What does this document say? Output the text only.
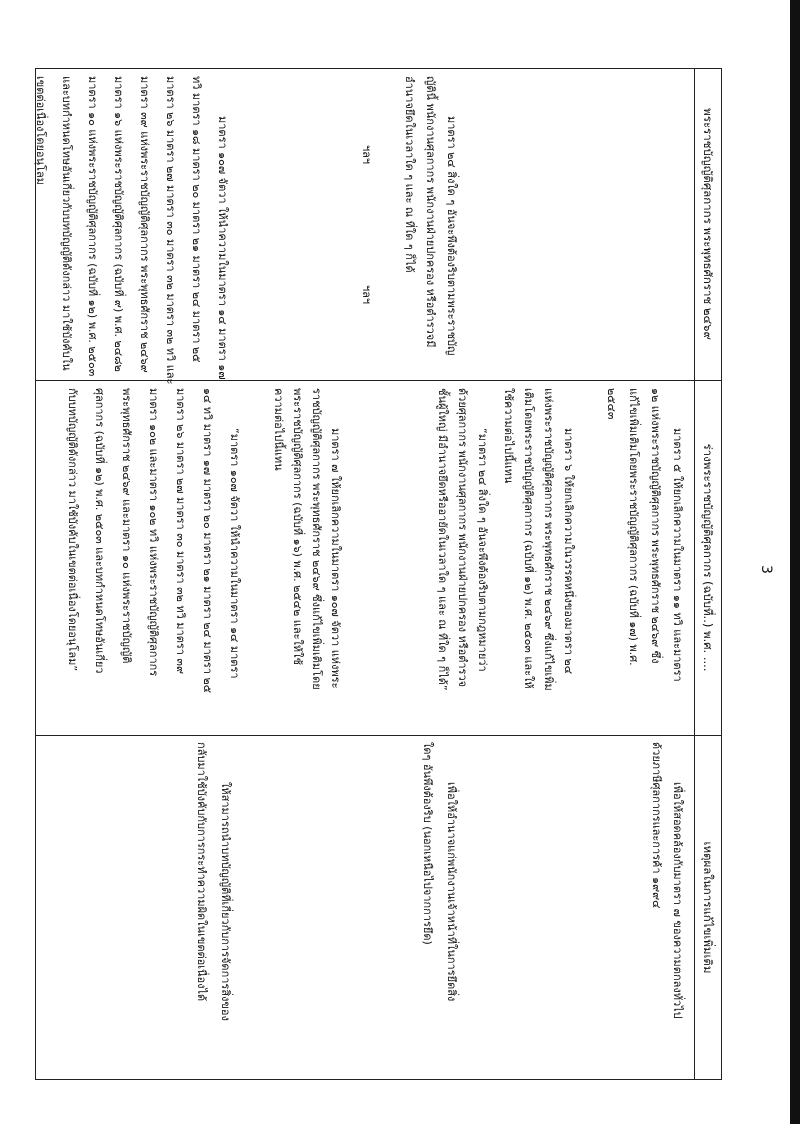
3
พระราชบัญญัติศุลกากร พระพุทธศักราช ๒๔๖๙
ร่างพระราชบัญญัติศุลกากร (ฉบับที่..) พ.ศ. ....
เหตุผลในการแก้ไขเพิ่มเติม
มาตรา ๒๔ สิ่งใด ๆ อันจะพึงต้องริบตามพระราชบัญ
ญัตินี้ พนักงานศุลกากร พนักงานฝ่ายปกครอง หรือตำรวจมี
อำนาจยึดในเวลาใด ๆ และ ณ ที่ใด ๆ ก็ได้
ฯลฯ
ฯลฯ
มาตรา ๑๐๗ จัตวา ให้นำความในมาตรา ๑๔ มาตรา ๑๗
ทวิ มาตรา ๑๘ มาตรา ๒๐ มาตรา ๒๑ มาตรา ๒๔ มาตรา ๒๕
มาตรา ๒๖ มาตรา ๒๗ มาตรา ๓๐ มาตรา ๓๒ มาตรา ๓๒ ทวิ และ
มาตรา ๓๙ แห่งพระราชบัญญัติศุลกากร พระพุทธศักราช ๒๔๖๙
มาตรา ๑๖ แห่งพระราชบัญญัติศุลกากร (ฉบับที่ ๙) พ.ศ. ๒๔๘๒
มาตรา ๑๐ แห่งพระราชบัญญัติศุลกากร (ฉบับที่ ๑๒) พ.ศ. ๒๕๐๓
และบทกำหนดโทษอันเกี่ยวกับบทบัญญัติดังกล่าว มาใช้บังคับใน
เขตต่อเนื่องโดยอนุโลม
มาตรา ๕ ให้ยกเลิกความในมาตรา ๑๑ ทวิ และมาตรา
๑๒ แห่งพระราชบัญญัติศุลกากร พระพุทธศักราช ๒๔๖๙ ซึ่ง
แก้ไขเพิ่มเติมโดยพระราชบัญญัติศุลกากร (ฉบับที่ ๑๗) พ.ศ.
๒๕๔๓
มาตรา ๖ ให้ยกเลิกความในวรรคหนึ่งของมาตรา ๒๔
แห่งพระราชบัญญัติศุลกากร พระพุทธศักราช ๒๔๖๙ ซึ่งแก้ไขเพิ่ม
เติมโดยพระราชบัญญัติศุลกากร (ฉบับที่ ๑๒) พ.ศ. ๒๕๐๓ และให้
ใช้ความต่อไปนี้แทน
“มาตรา ๒๔ สิ่งใด ๆ อันจะพึงต้องริบตามกฎหมายว่า
ด้วยศุลกากร พนักงานศุลกากร พนักงานฝ่ายปกครอง หรือตำรวจ
ชั้นผู้ใหญ่ มีอำนาจยึดหรืออายัดในเวลาใด ๆ และ ณ ที่ใด ๆ ก็ได้”
มาตรา ๗ ให้ยกเลิกความในมาตรา ๑๐๗ จัตวา แห่งพระ
ราชบัญญัติศุลกากร พระพุทธศักราช ๒๔๖๙ ซึ่งแก้ไขเพิ่มเติมโดย
พระราชบัญญัติศุลกากร (ฉบับที่ ๑๖) พ.ศ. ๒๕๔๒ และให้ใช้
ความต่อไปนี้แทน
“มาตรา ๑๐๗ จัตวา ให้นำความในมาตรา ๑๔ มาตรา
๑๔ ทวิ มาตรา ๑๗ มาตรา ๒๐ มาตรา ๒๑ มาตรา ๒๔ มาตรา ๒๕
มาตรา ๒๖ มาตรา ๒๗ มาตรา ๓๐ มาตรา ๓๒ ทวิ มาตรา ๓๙
มาตรา ๑๐๒ และมาตรา ๑๐๒ ทวิ แห่งพระราชบัญญัติศุลกากร
พระพุทธศักราช ๒๔๖๙ และมาตรา ๑๐ แห่งพระราชบัญญัติ
ศุลกากร (ฉบับที่ ๑๒) พ.ศ. ๒๕๐๓ และบทกำหนดโทษอันเกี่ยว
กับบทบัญญัติดังกล่าว มาใช้บังคับในเขตต่อเนื่องโดยอนุโลม”
เพื่อให้สอดคล้องกับมาตรา ๗ ของความตกลงทั่วไป
ด้วยภาษีศุลกากรและการค้า ๑๙๙๔
เพื่อให้อำนาจแก่พนักงานเจ้าหน้าที่ในการยึดสิ่ง
ใดๆ อันพึงต้องริบ (นอกเหนือไปจากการยึด)
ให้สามารถนำบทบัญญัติที่เกี่ยวกับการจัดการสิ่งของ
กลับมาใช้บังคับกับการกระทำความผิดในเขตต่อเนื่องได้
